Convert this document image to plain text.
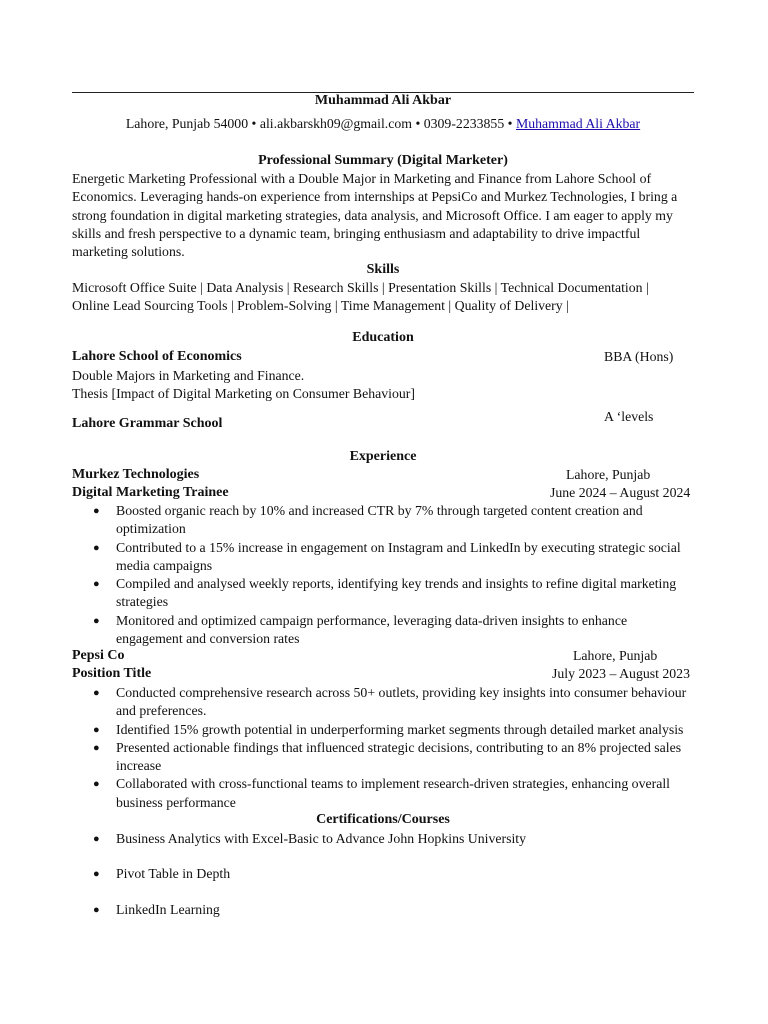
Muhammad Ali Akbar
Lahore, Punjab 54000 • ali.akbarskh09@gmail.com • 0309-2233855 • Muhammad Ali Akbar
Professional Summary (Digital Marketer)
Energetic Marketing Professional with a Double Major in Marketing and Finance from Lahore School of
Economics. Leveraging hands-on experience from internships at PepsiCo and Murkez Technologies, I bring a
strong foundation in digital marketing strategies, data analysis, and Microsoft Office. I am eager to apply my
skills and fresh perspective to a dynamic team, bringing enthusiasm and adaptability to drive impactful
marketing solutions.
Skills
Microsoft Office Suite | Data Analysis | Research Skills | Presentation Skills | Technical Documentation |
Online Lead Sourcing Tools | Problem-Solving | Time Management | Quality of Delivery |
Education
Lahore School of Economics	BBA (Hons)
Double Majors in Marketing and Finance.
Thesis [Impact of Digital Marketing on Consumer Behaviour]
Lahore Grammar School	A ‘levels
Experience
Murkez Technologies	Lahore, Punjab
Digital Marketing Trainee	June 2024 – August 2024
● Boosted organic reach by 10% and increased CTR by 7% through targeted content creation and
optimization
● Contributed to a 15% increase in engagement on Instagram and LinkedIn by executing strategic social
media campaigns
● Compiled and analysed weekly reports, identifying key trends and insights to refine digital marketing
strategies
● Monitored and optimized campaign performance, leveraging data-driven insights to enhance
engagement and conversion rates
Pepsi Co	Lahore, Punjab
Position Title	July 2023 – August 2023
● Conducted comprehensive research across 50+ outlets, providing key insights into consumer behaviour
and preferences.
● Identified 15% growth potential in underperforming market segments through detailed market analysis
● Presented actionable findings that influenced strategic decisions, contributing to an 8% projected sales
increase
● Collaborated with cross-functional teams to implement research-driven strategies, enhancing overall
business performance
Certifications/Courses
● Business Analytics with Excel-Basic to Advance John Hopkins University
● Pivot Table in Depth
● LinkedIn Learning
